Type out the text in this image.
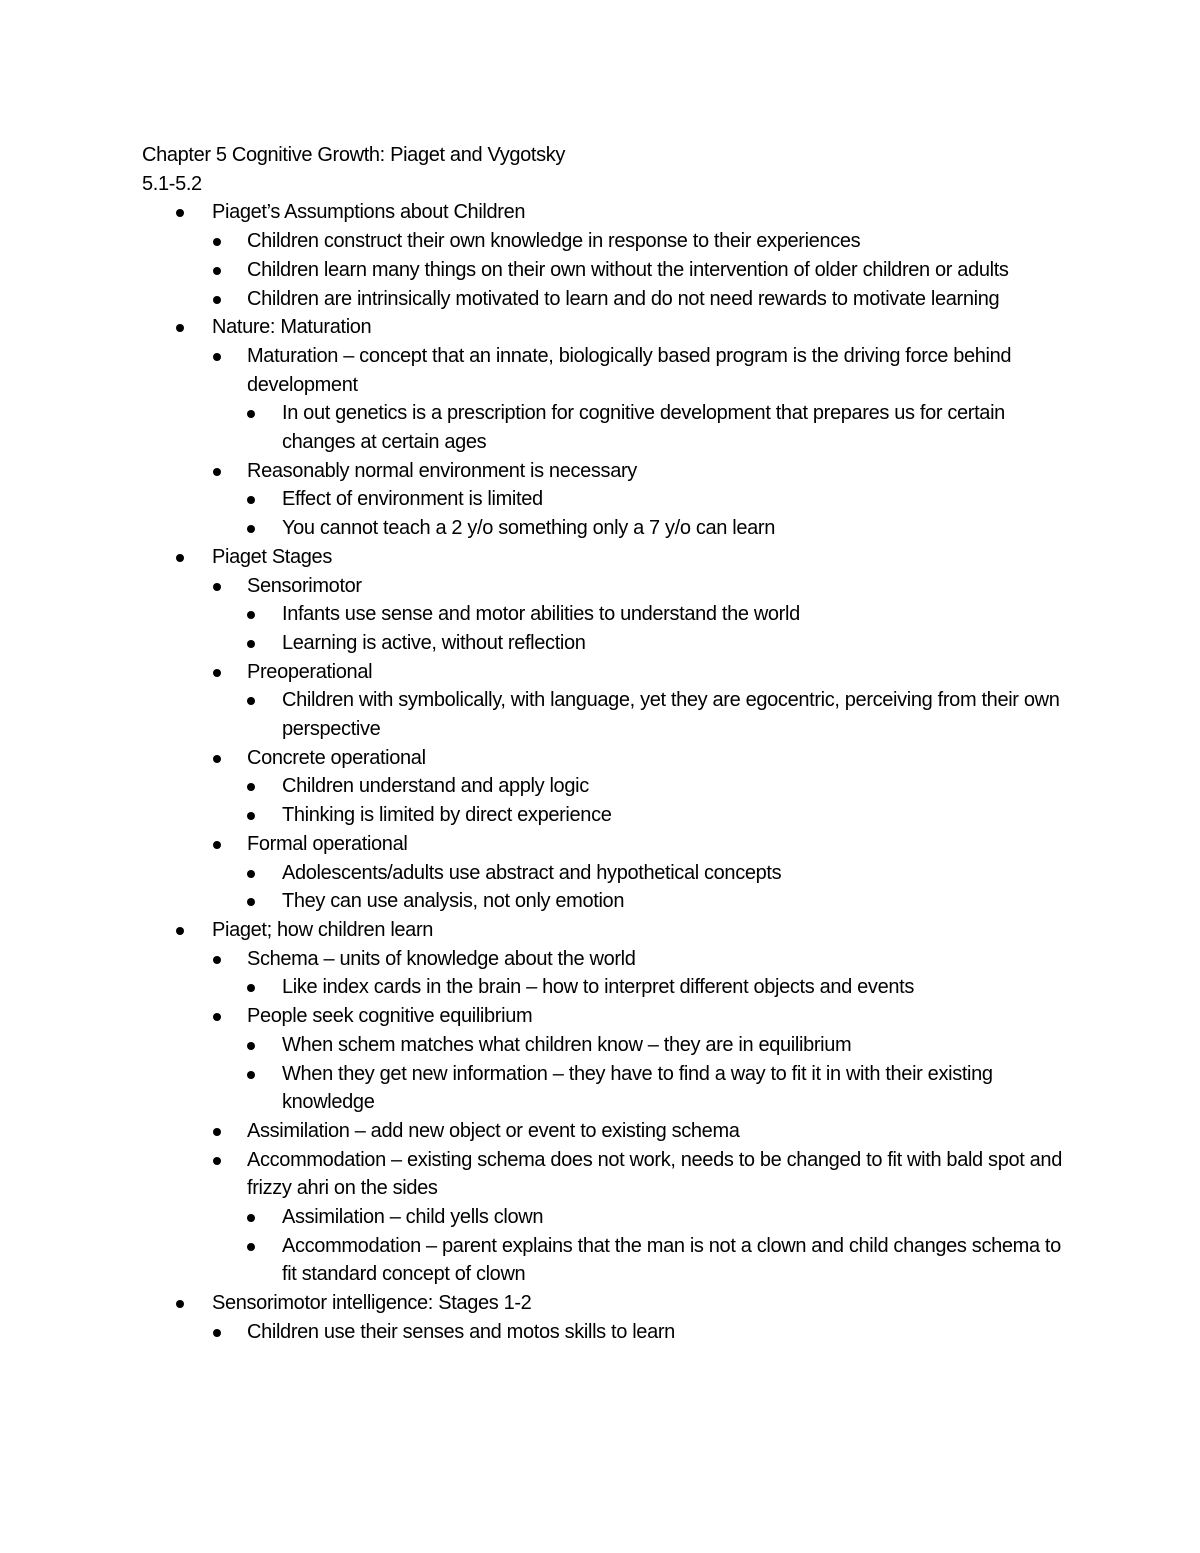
Chapter 5 Cognitive Growth: Piaget and Vygotsky

5.1-5.2

Piaget’s Assumptions about Children
Children construct their own knowledge in response to their experiences
Children learn many things on their own without the intervention of older children or adults
Children are intrinsically motivated to learn and do not need rewards to motivate learning
Nature: Maturation
Maturation – concept that an innate, biologically based program is the driving force behind development
In out genetics is a prescription for cognitive development that prepares us for certain changes at certain ages
Reasonably normal environment is necessary
Effect of environment is limited
You cannot teach a 2 y/o something only a 7 y/o can learn
Piaget Stages
Sensorimotor
Infants use sense and motor abilities to understand the world
Learning is active, without reflection
Preoperational
Children with symbolically, with language, yet they are egocentric, perceiving from their own perspective
Concrete operational
Children understand and apply logic
Thinking is limited by direct experience
Formal operational
Adolescents/adults use abstract and hypothetical concepts
They can use analysis, not only emotion
Piaget; how children learn
Schema – units of knowledge about the world
Like index cards in the brain – how to interpret different objects and events
People seek cognitive equilibrium
When schem matches what children know – they are in equilibrium
When they get new information – they have to find a way to fit it in with their existing knowledge
Assimilation – add new object or event to existing schema
Accommodation – existing schema does not work, needs to be changed to fit with bald spot and frizzy ahri on the sides
Assimilation – child yells clown
Accommodation – parent explains that the man is not a clown and child changes schema to fit standard concept of clown
Sensorimotor intelligence: Stages 1-2
Children use their senses and motos skills to learn
